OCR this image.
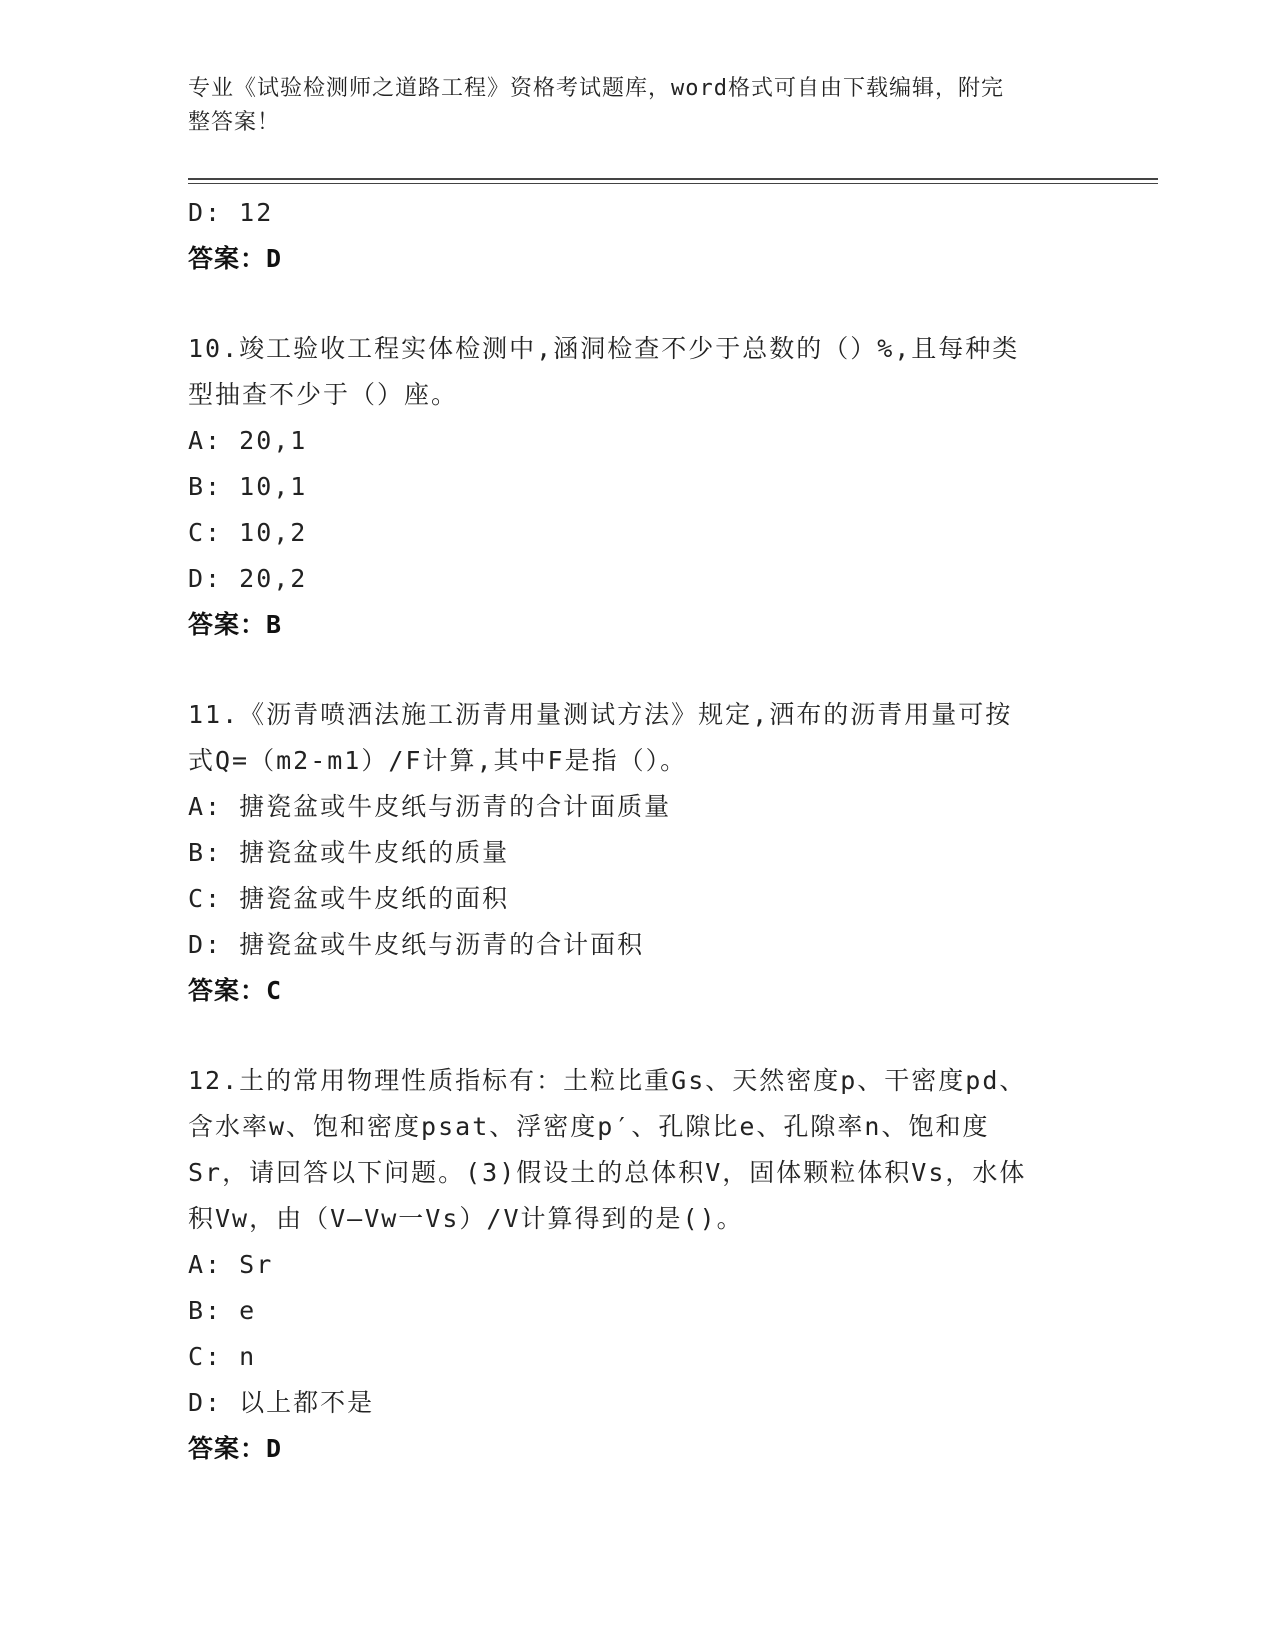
专业《试验检测师之道路工程》资格考试题库，word格式可自由下载编辑，附完
整答案！
D: 12
答案：D
10.竣工验收工程实体检测中,涵洞检查不少于总数的（）%,且每种类
型抽查不少于（）座。
A: 20,1
B: 10,1
C: 10,2
D: 20,2
答案：B
11.《沥青喷洒法施工沥青用量测试方法》规定,洒布的沥青用量可按
式Q=（m2-m1）/F计算,其中F是指（）。
A: 搪瓷盆或牛皮纸与沥青的合计面质量
B: 搪瓷盆或牛皮纸的质量
C: 搪瓷盆或牛皮纸的面积
D: 搪瓷盆或牛皮纸与沥青的合计面积
答案：C
12.土的常用物理性质指标有：土粒比重Gs、天然密度p、干密度pd、
含水率w、饱和密度psat、浮密度p′、孔隙比e、孔隙率n、饱和度
Sr，请回答以下问题。(3)假设土的总体积V，固体颗粒体积Vs，水体
积Vw，由（V—Vw一Vs）/V计算得到的是()。
A: Sr
B: e
C: n
D: 以上都不是
答案：D
